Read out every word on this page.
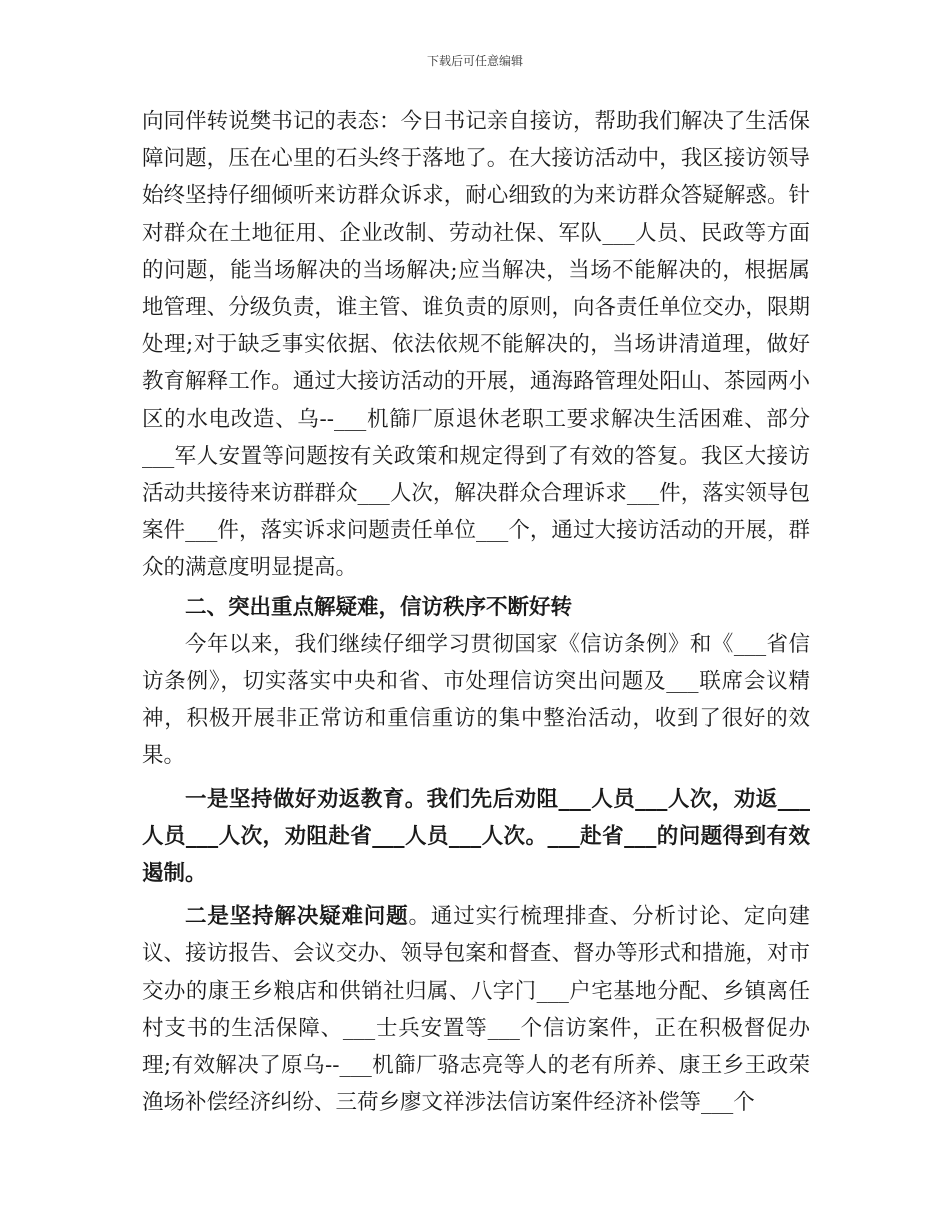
下载后可任意编辑

向同伴转说樊书记的表态：今日书记亲自接访，帮助我们解决了生活保障问题，压在心里的石头终于落地了。在大接访活动中，我区接访领导始终坚持仔细倾听来访群众诉求，耐心细致的为来访群众答疑解惑。针对群众在土地征用、企业改制、劳动社保、军队___人员、民政等方面的问题，能当场解决的当场解决;应当解决，当场不能解决的，根据属地管理、分级负责，谁主管、谁负责的原则，向各责任单位交办，限期处理;对于缺乏事实依据、依法依规不能解决的，当场讲清道理，做好教育解释工作。通过大接访活动的开展，通海路管理处阳山、茶园两小区的水电改造、乌--___机篩厂原退休老职工要求解决生活困难、部分___军人安置等问题按有关政策和规定得到了有效的答复。我区大接访活动共接待来访群群众___人次，解决群众合理诉求___件，落实领导包案件___件，落实诉求问题责任单位___个，通过大接访活动的开展，群众的满意度明显提高。

二、突出重点解疑难，信访秩序不断好转

今年以来，我们继续仔细学习贯彻国家《信访条例》和《___省信访条例》，切实落实中央和省、市处理信访突出问题及___联席会议精神，积极开展非正常访和重信重访的集中整治活动，收到了很好的效果。

一是坚持做好劝返教育。我们先后劝阻___人员___人次，劝返___人员___人次，劝阻赴省___人员___人次。___赴省___的问题得到有效遏制。

二是坚持解决疑难问题。通过实行梳理排查、分析讨论、定向建议、接访报告、会议交办、领导包案和督查、督办等形式和措施，对市交办的康王乡粮店和供销社归属、八字门___户宅基地分配、乡镇离任村支书的生活保障、___士兵安置等___个信访案件，正在积极督促办理;有效解决了原乌--___机篩厂骆志亮等人的老有所养、康王乡王政荣渔场补偿经济纠纷、三荷乡廖文祥涉法信访案件经济补偿等___个
